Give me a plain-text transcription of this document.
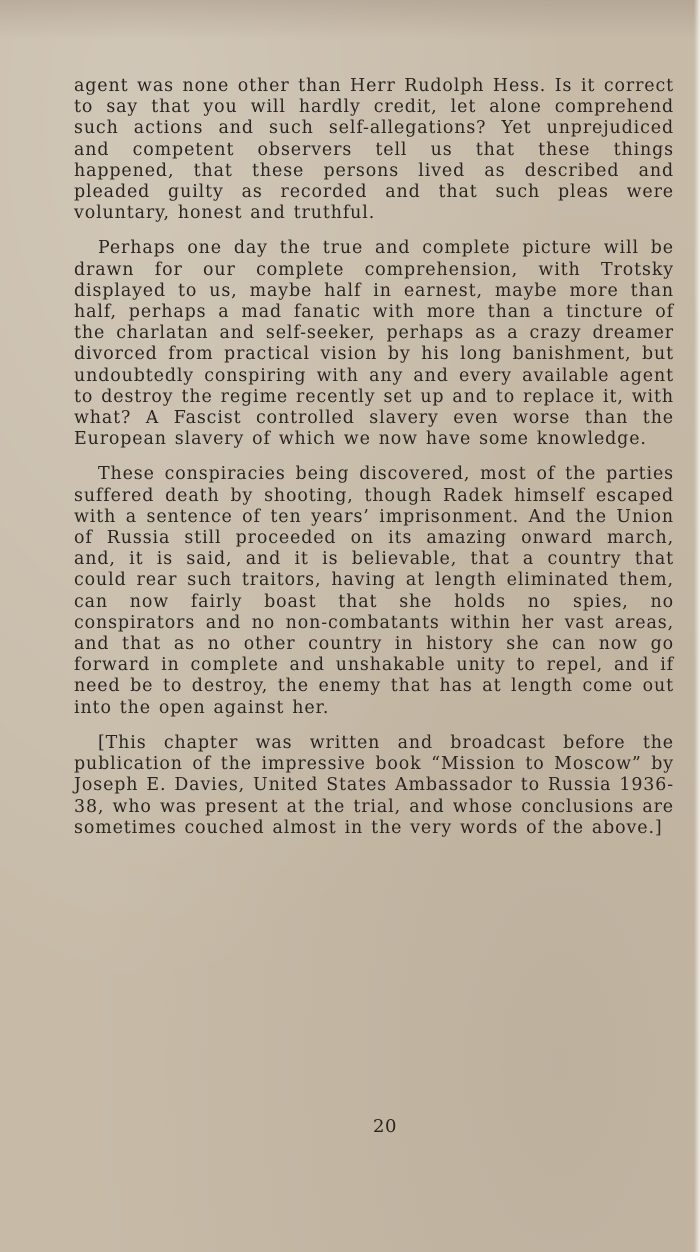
agent was none other than Herr Rudolph Hess. Is it correct to say that you will hardly credit, let alone comprehend such actions and such self-allegations? Yet unprejudiced and competent observers tell us that these things happened, that these persons lived as described and pleaded guilty as recorded and that such pleas were voluntary, honest and truthful.

Perhaps one day the true and complete picture will be drawn for our complete comprehension, with Trotsky displayed to us, maybe half in earnest, maybe more than half, perhaps a mad fanatic with more than a tincture of the charlatan and self-seeker, perhaps as a crazy dreamer divorced from practical vision by his long banishment, but undoubtedly conspiring with any and every available agent to destroy the regime recently set up and to replace it, with what? A Fascist controlled slavery even worse than the European slavery of which we now have some knowledge.

These conspiracies being discovered, most of the parties suffered death by shooting, though Radek himself escaped with a sentence of ten years’ imprisonment. And the Union of Russia still proceeded on its amazing onward march, and, it is said, and it is believable, that a country that could rear such traitors, having at length eliminated them, can now fairly boast that she holds no spies, no conspirators and no non-combatants within her vast areas, and that as no other country in history she can now go forward in complete and unshakable unity to repel, and if need be to destroy, the enemy that has at length come out into the open against her.

[This chapter was written and broadcast before the publication of the impressive book “Mission to Moscow” by Joseph E. Davies, United States Ambassador to Russia 1936-38, who was present at the trial, and whose conclusions are sometimes couched almost in the very words of the above.]

20
